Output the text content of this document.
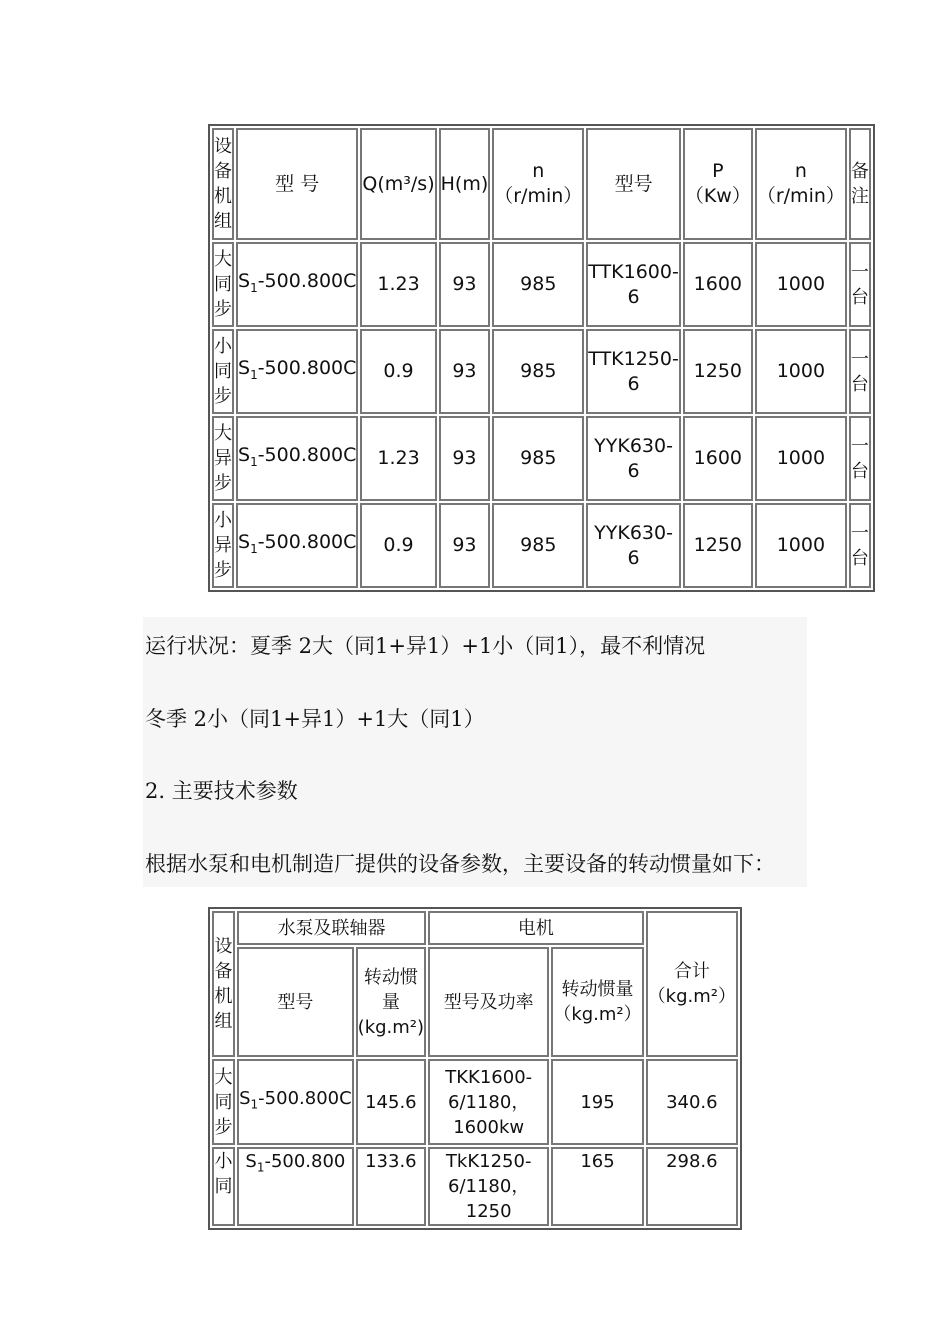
设备机组	型 号	Q(m³/s)	H(m)	n（r/min）	型号	P（Kw）	n（r/min）	备注
大同步	$S_1-500.800C$	1.23	93	985	TTK1600-6	1600	1000	一台
小同步	$S_1-500.800C$	0.9	93	985	TTK1250-6	1250	1000	一台
大异步	$S_1-500.800C$	1.23	93	985	YYK630-6	1600	1000	一台
小异步	$S_1-500.800C$	0.9	93	985	YYK630-6	1250	1000	一台
运行状况：夏季 2大（同1+异1）+1小（同1），最不利情况
冬季 2小（同1+异1）+1大（同1）
2. 主要技术参数
根据水泵和电机制造厂提供的设备参数，主要设备的转动惯量如下：
设备机组	水泵及联轴器		电机		合计（kg.m²）
	型号	转动惯量(kg.m²)	型号及功率	转动惯量（kg.m²）	
大同步	$S_1-500.800C$	145.6	TKK1600-6/1180，1600kw	195	340.6
小同	$S_1-500.800$	133.6	TkK1250-6/1180，1250	165	298.6
